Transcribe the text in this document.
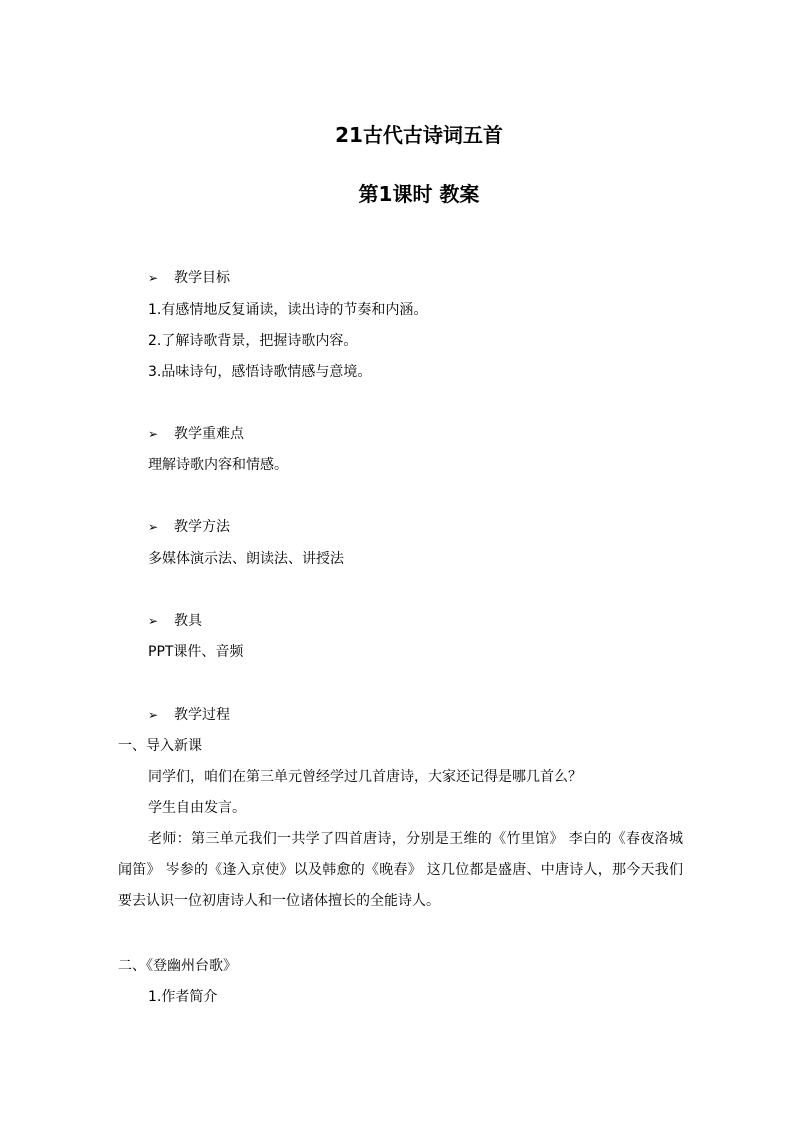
21古代古诗词五首
第1课时 教案

➢ 教学目标

1.有感情地反复诵读，读出诗的节奏和内涵。

2.了解诗歌背景，把握诗歌内容。

3.品味诗句，感悟诗歌情感与意境。

➢ 教学重难点

理解诗歌内容和情感。

➢ 教学方法

多媒体演示法、朗读法、讲授法

➢ 教具

PPT课件、音频

➢ 教学过程

一、导入新课

同学们，咱们在第三单元曾经学过几首唐诗，大家还记得是哪几首么？

学生自由发言。

老师：第三单元我们一共学了四首唐诗，分别是王维的《竹里馆》 李白的《春夜洛城闻笛》 岑参的《逢入京使》以及韩愈的《晚春》 这几位都是盛唐、中唐诗人，那今天我们要去认识一位初唐诗人和一位诸体擅长的全能诗人。

二、《登幽州台歌》

1.作者简介
